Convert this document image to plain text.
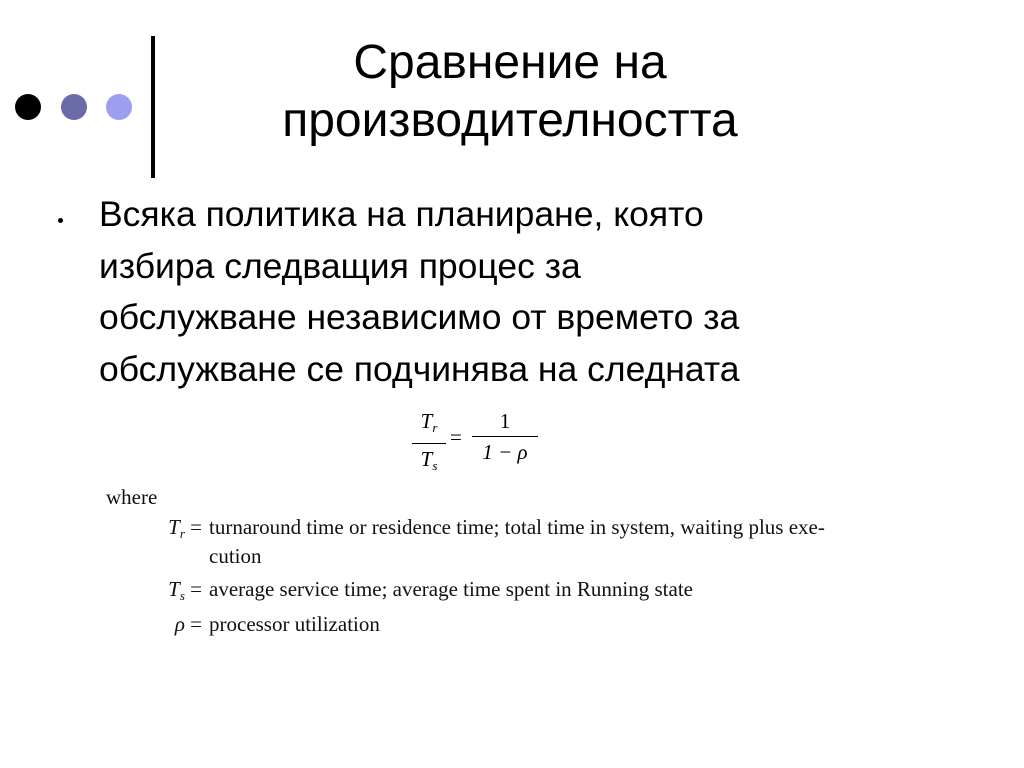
Сравнение на
производителността

Всяка политика на планиране, която
избира следващия процес за
обслужване независимо от времето за
обслужване се подчинява на следната

Tr
Ts
=
1
1 − ρ
where
Tr = turnaround time or residence time; total time in system, waiting plus exe-
cution
Ts = average service time; average time spent in Running state
ρ = processor utilization
